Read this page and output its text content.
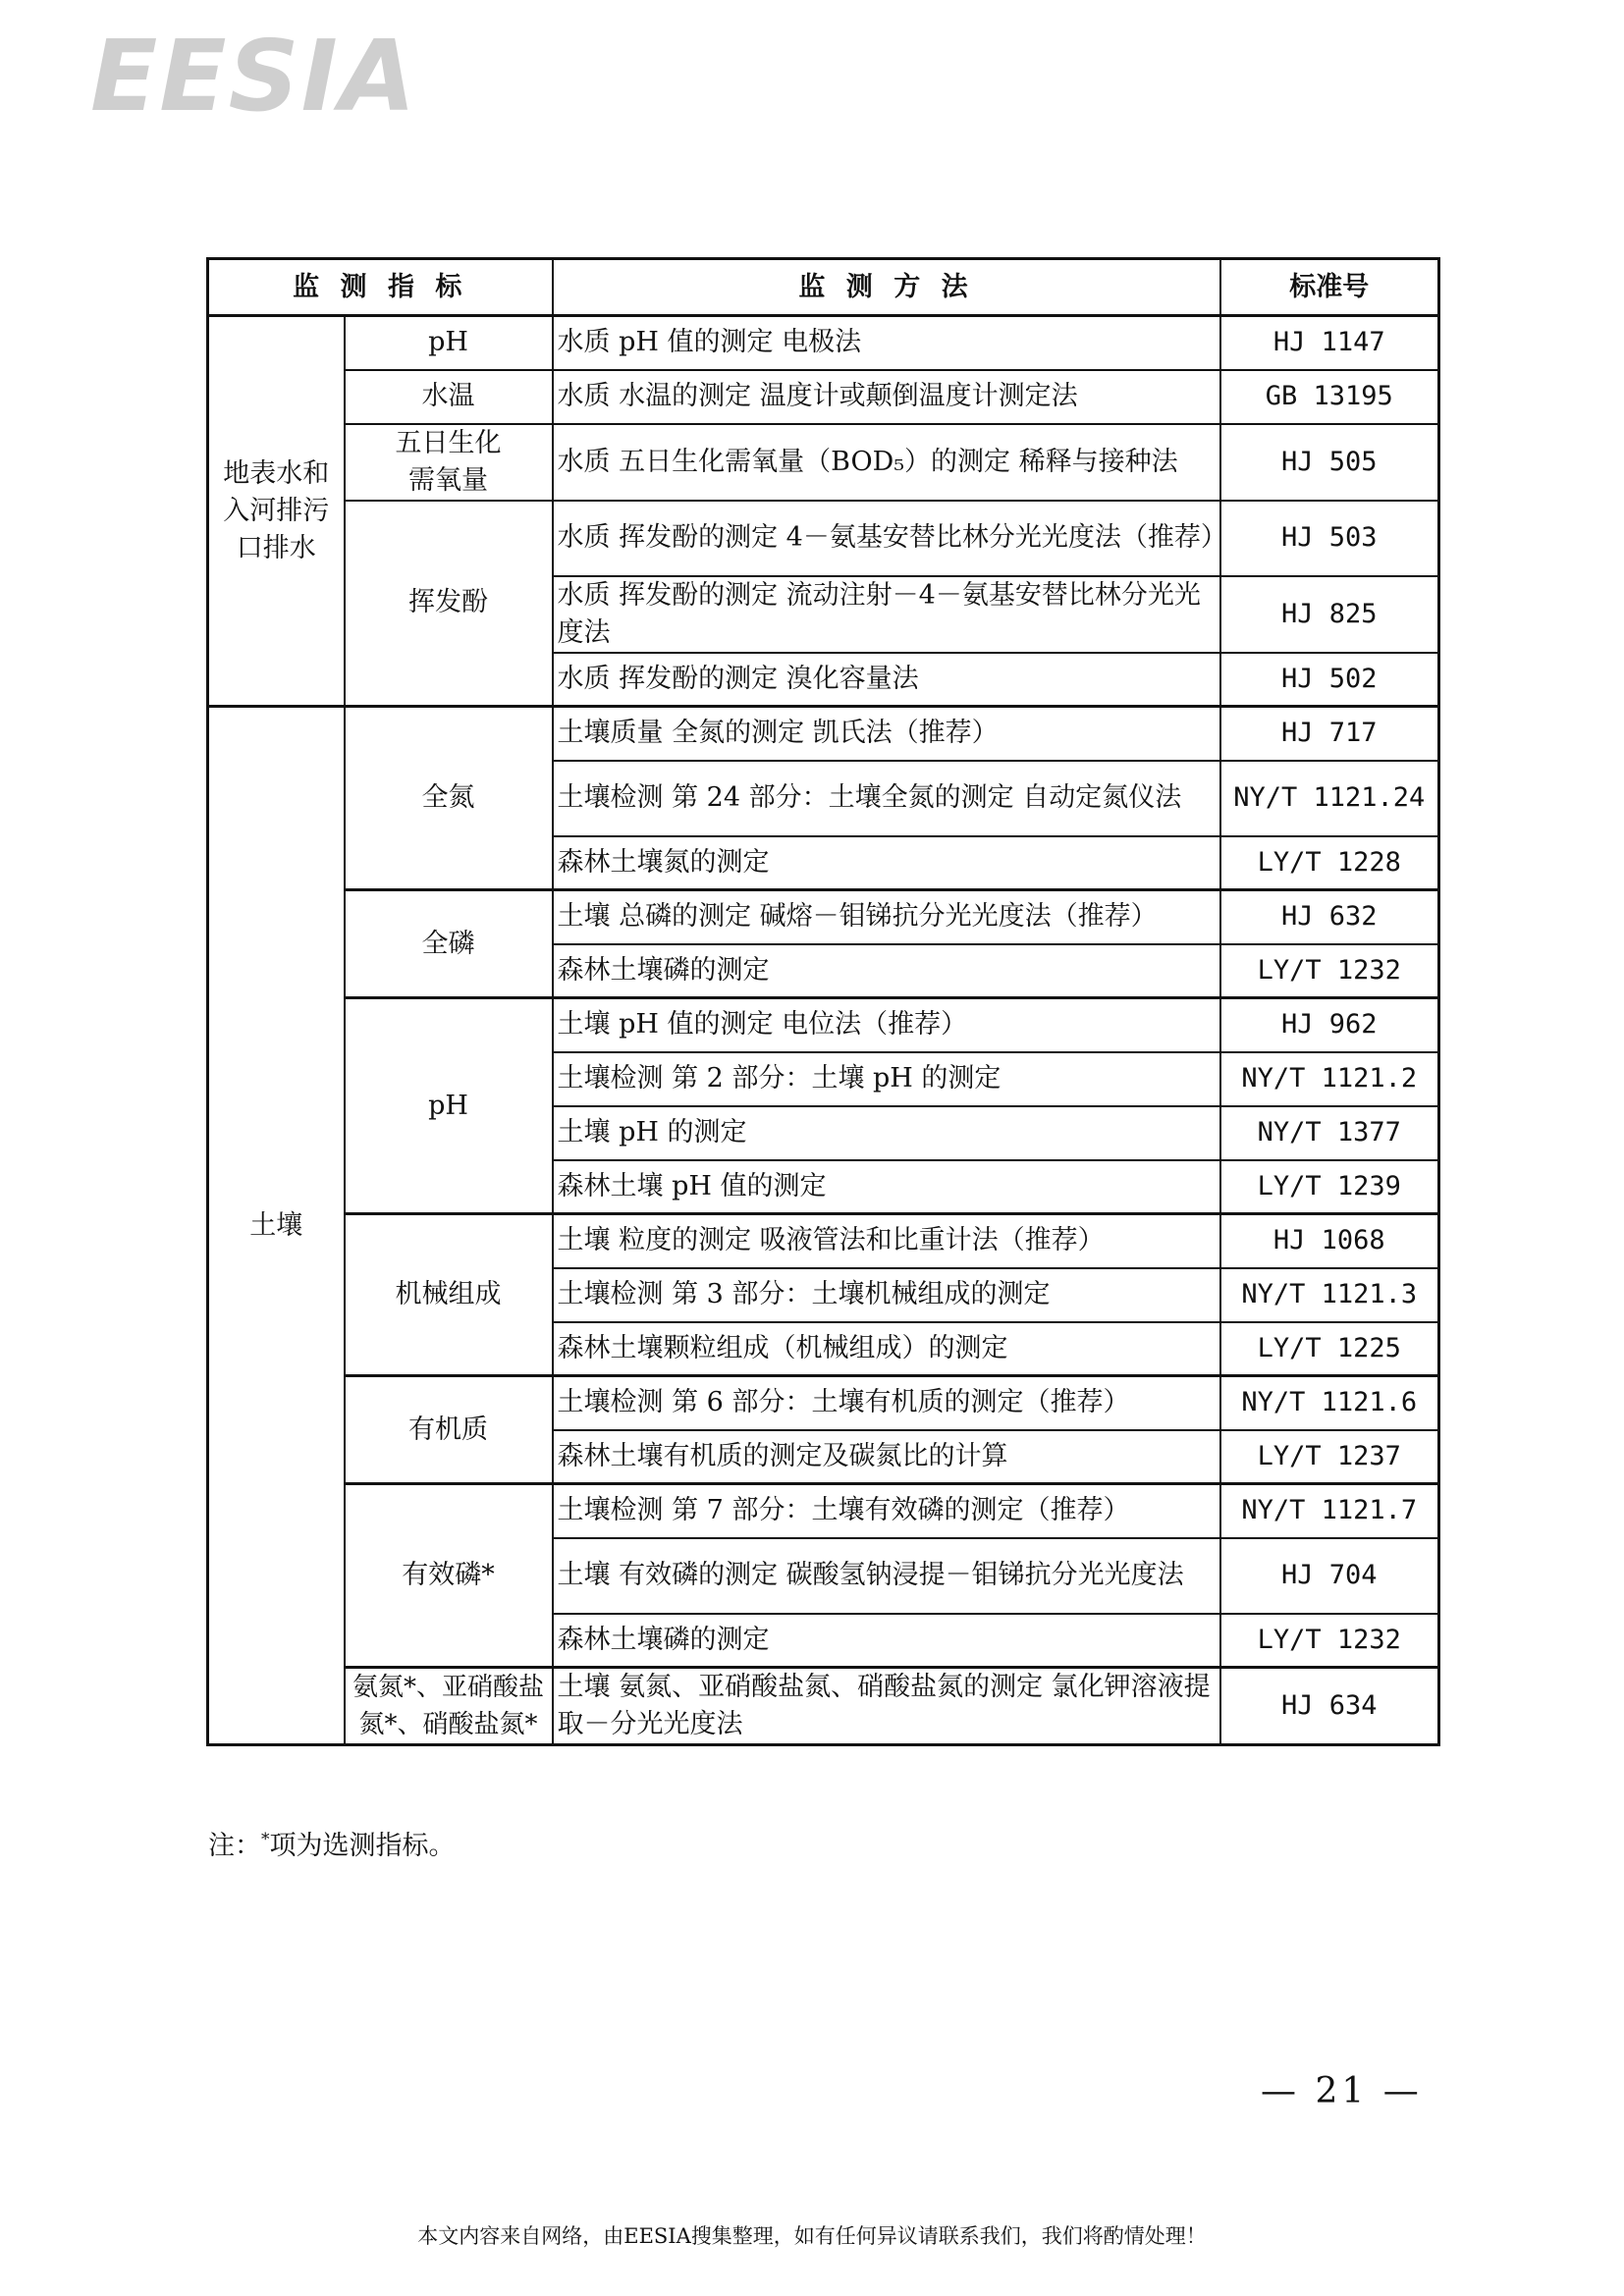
EESIA
监 测 指 标		监 测 方 法	标准号
地表水和入河排污口排水	pH	水质 pH 值的测定 电极法	HJ 1147
	水温	水质 水温的测定 温度计或颠倒温度计测定法	GB 13195
	五日生化需氧量	水质 五日生化需氧量（BOD₅）的测定 稀释与接种法	HJ 505
	挥发酚	水质 挥发酚的测定 4－氨基安替比林分光光度法（推荐）	HJ 503
		水质 挥发酚的测定 流动注射－4－氨基安替比林分光光度法	HJ 825
		水质 挥发酚的测定 溴化容量法	HJ 502
土壤	全氮	土壤质量 全氮的测定 凯氏法（推荐）	HJ 717
		土壤检测 第 24 部分：土壤全氮的测定 自动定氮仪法	NY/T 1121.24
		森林土壤氮的测定	LY/T 1228
	全磷	土壤 总磷的测定 碱熔－钼锑抗分光光度法（推荐）	HJ 632
		森林土壤磷的测定	LY/T 1232
	pH	土壤 pH 值的测定 电位法（推荐）	HJ 962
		土壤检测 第 2 部分：土壤 pH 的测定	NY/T 1121.2
		土壤 pH 的测定	NY/T 1377
		森林土壤 pH 值的测定	LY/T 1239
	机械组成	土壤 粒度的测定 吸液管法和比重计法（推荐）	HJ 1068
		土壤检测 第 3 部分：土壤机械组成的测定	NY/T 1121.3
		森林土壤颗粒组成（机械组成）的测定	LY/T 1225
	有机质	土壤检测 第 6 部分：土壤有机质的测定（推荐）	NY/T 1121.6
		森林土壤有机质的测定及碳氮比的计算	LY/T 1237
	有效磷*	土壤检测 第 7 部分：土壤有效磷的测定（推荐）	NY/T 1121.7
		土壤 有效磷的测定 碳酸氢钠浸提－钼锑抗分光光度法	HJ 704
		森林土壤磷的测定	LY/T 1232
	氨氮*、亚硝酸盐氮*、硝酸盐氮*	土壤 氨氮、亚硝酸盐氮、硝酸盐氮的测定 氯化钾溶液提取－分光光度法	HJ 634
注：*项为选测指标。
— 21 —
本文内容来自网络，由EESIA搜集整理，如有任何异议请联系我们，我们将酌情处理！
